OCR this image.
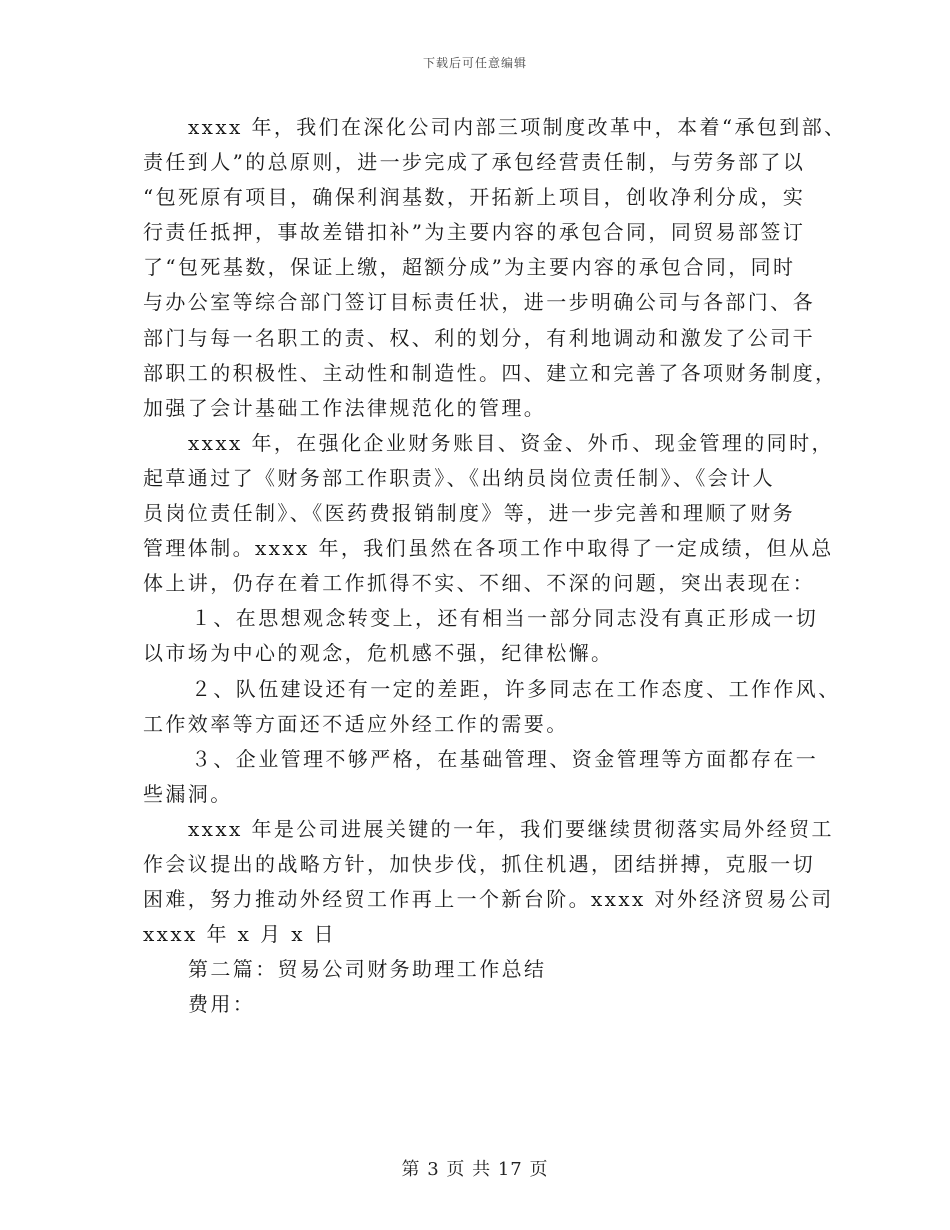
下载后可任意编辑
xxxx 年，我们在深化公司内部三项制度改革中，本着“承包到部、
责任到人”的总原则，进一步完成了承包经营责任制，与劳务部了以
“包死原有项目，确保利润基数，开拓新上项目，创收净利分成，实
行责任抵押，事故差错扣补”为主要内容的承包合同，同贸易部签订
了“包死基数，保证上缴，超额分成”为主要内容的承包合同，同时
与办公室等综合部门签订目标责任状，进一步明确公司与各部门、各
部门与每一名职工的责、权、利的划分，有利地调动和激发了公司干
部职工的积极性、主动性和制造性。四、建立和完善了各项财务制度，
加强了会计基础工作法律规范化的管理。
xxxx 年，在强化企业财务账目、资金、外币、现金管理的同时，
起草通过了《财务部工作职责》、《出纳员岗位责任制》、《会计人
员岗位责任制》、《医药费报销制度》等，进一步完善和理顺了财务
管理体制。xxxx 年，我们虽然在各项工作中取得了一定成绩，但从总
体上讲，仍存在着工作抓得不实、不细、不深的问题，突出表现在：
１、在思想观念转变上，还有相当一部分同志没有真正形成一切
以市场为中心的观念，危机感不强，纪律松懈。
２、队伍建设还有一定的差距，许多同志在工作态度、工作作风、
工作效率等方面还不适应外经工作的需要。
３、企业管理不够严格，在基础管理、资金管理等方面都存在一
些漏洞。
xxxx 年是公司进展关键的一年，我们要继续贯彻落实局外经贸工
作会议提出的战略方针，加快步伐，抓住机遇，团结拼搏，克服一切
困难，努力推动外经贸工作再上一个新台阶。xxxx 对外经济贸易公司
xxxx 年 x 月 x 日
第二篇：贸易公司财务助理工作总结
费用：
第 3 页 共 17 页
